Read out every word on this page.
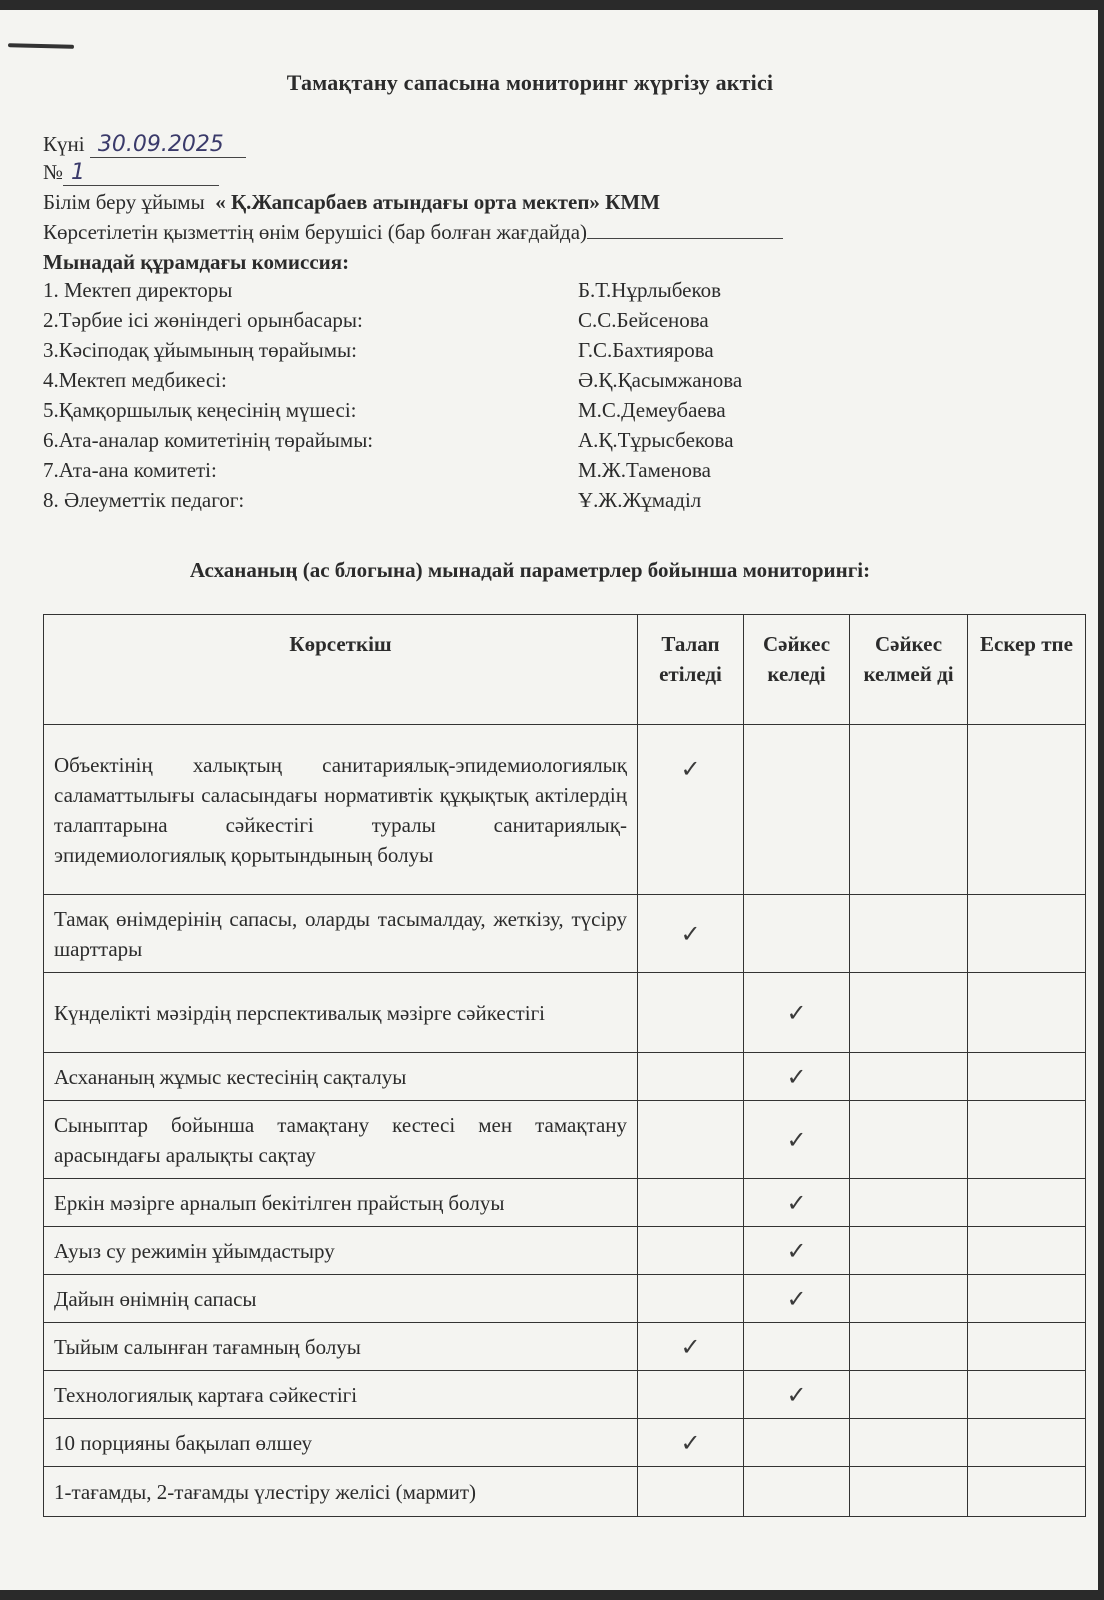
Тамақтану сапасына мониторинг жүргізу актісі
Күні 30.09.2025
№ 1
Білім беру ұйымы « Қ.Жапсарбаев атындағы орта мектеп» КММ
Көрсетілетін қызметтің өнім берушісі (бар болған жағдайда)
Мынадай құрамдағы комиссия:
1. Мектеп директоры	Б.Т.Нұрлыбеков
2.Тәрбие ісі жөніндегі орынбасары:	С.С.Бейсенова
3.Кәсіподақ ұйымының төрайымы:	Г.С.Бахтиярова
4.Мектеп медбикесі:	Ә.Қ.Қасымжанова
5.Қамқоршылық кеңесінің мүшесі:	М.С.Демеубаева
6.Ата-аналар комитетінің төрайымы:	А.Қ.Тұрысбекова
7.Ата-ана комитеті:	М.Ж.Таменова
8. Әлеуметтік педагог:	Ұ.Ж.Жұмаділ
Асхананың (ас блогына) мынадай параметрлер бойынша мониторингі:
Көрсеткіш	Талап етіледі	Сәйкес келеді	Сәйкес келмей ді	Ескер тпе
Объектінің халықтың санитариялық-эпидемиологиялық саламаттылығы саласындағы нормативтік құқықтық актілердің талаптарына сәйкестігі туралы санитариялық-эпидемиологиялық қорытындының болуы	✓			
Тамақ өнімдерінің сапасы, оларды тасымалдау, жеткізу, түсіру шарттары	✓			
Күнделікті мәзірдің перспективалық мәзірге сәйкестігі		✓		
Асхананың жұмыс кестесінің сақталуы		✓		
Сыныптар бойынша тамақтану кестесі мен тамақтану арасындағы аралықты сақтау		✓		
Еркін мәзірге арналып бекітілген прайстың болуы		✓		
Ауыз су режимін ұйымдастыру		✓		
Дайын өнімнің сапасы		✓		
Тыйым салынған тағамның болуы	✓			
Технологиялық картаға сәйкестігі		✓		
10 порцияны бақылап өлшеу	✓			
1-тағамды, 2-тағамды үлестіру желісі (мармит)				
